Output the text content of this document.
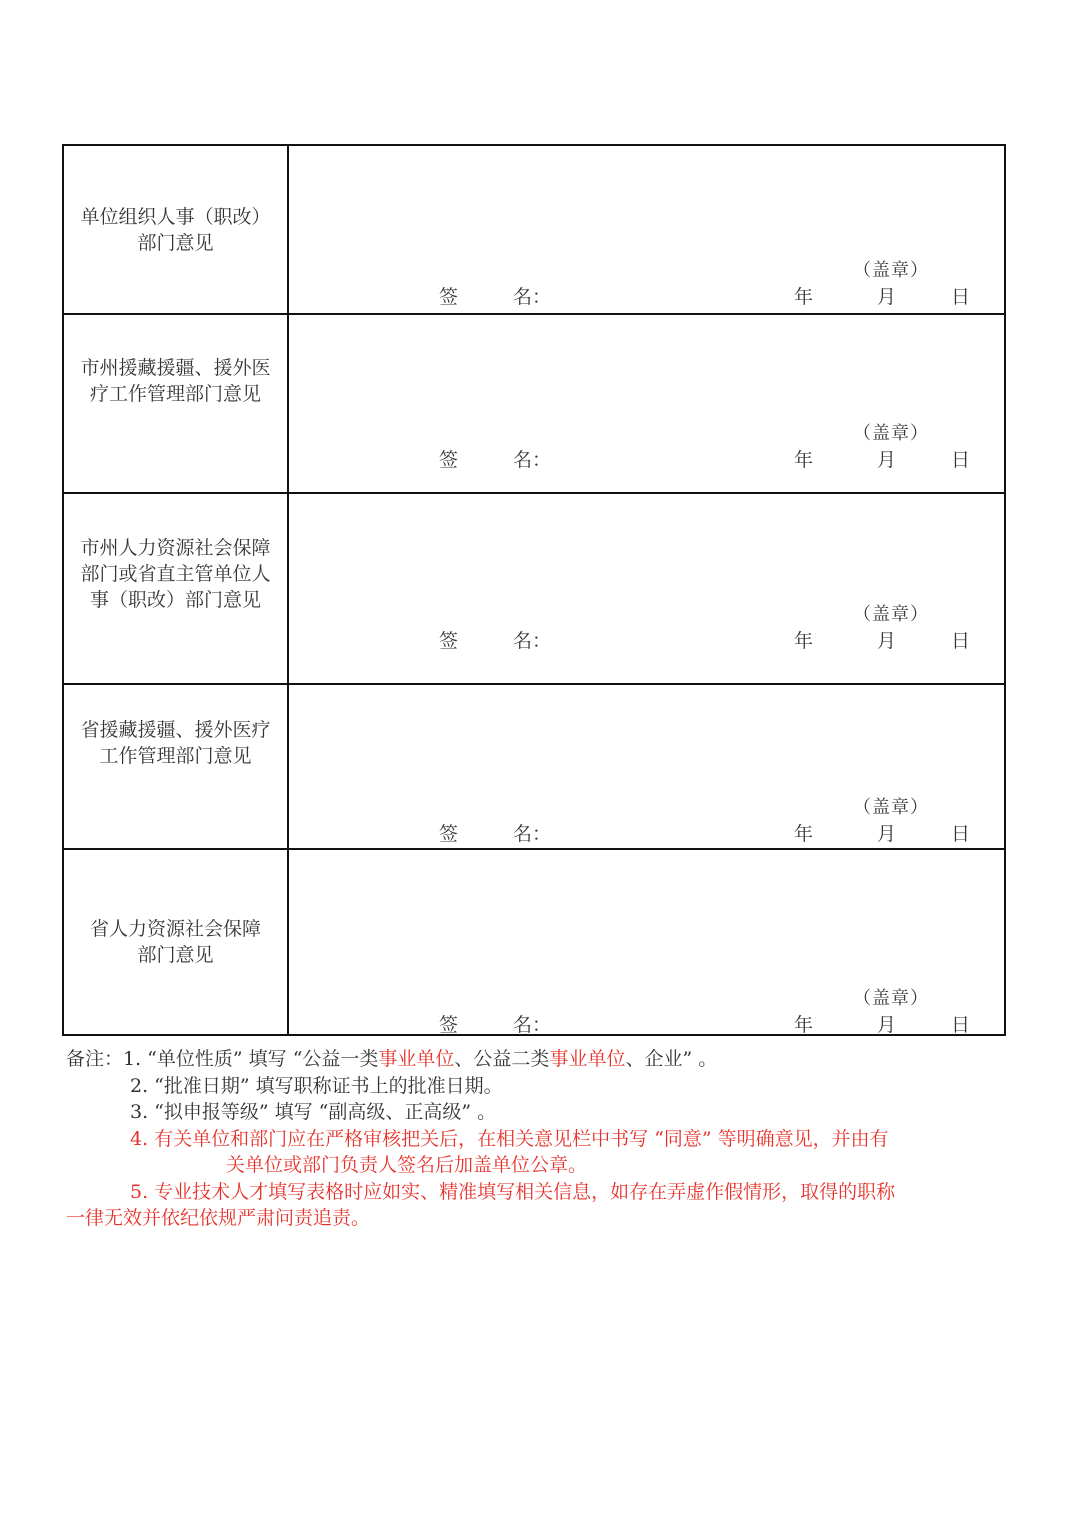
单位组织人事（职改）
部门意见
（盖章）
签	名：	年	月	日
市州援藏援疆、援外医
疗工作管理部门意见
（盖章）
签	名：	年	月	日
市州人力资源社会保障
部门或省直主管单位人
事（职改）部门意见
（盖章）
签	名：	年	月	日
省援藏援疆、援外医疗
工作管理部门意见
（盖章）
签	名：	年	月	日
省人力资源社会保障
部门意见
（盖章）
签	名：	年	月	日
备注：1. “单位性质” 填写 “公益一类事业单位、公益二类事业单位、企业” 。
2. “批准日期” 填写职称证书上的批准日期。
3. “拟申报等级” 填写 “副高级、正高级” 。
4. 有关单位和部门应在严格审核把关后，在相关意见栏中书写 “同意” 等明确意见，并由有
关单位或部门负责人签名后加盖单位公章。
5. 专业技术人才填写表格时应如实、精准填写相关信息，如存在弄虚作假情形，取得的职称
一律无效并依纪依规严肃问责追责。
